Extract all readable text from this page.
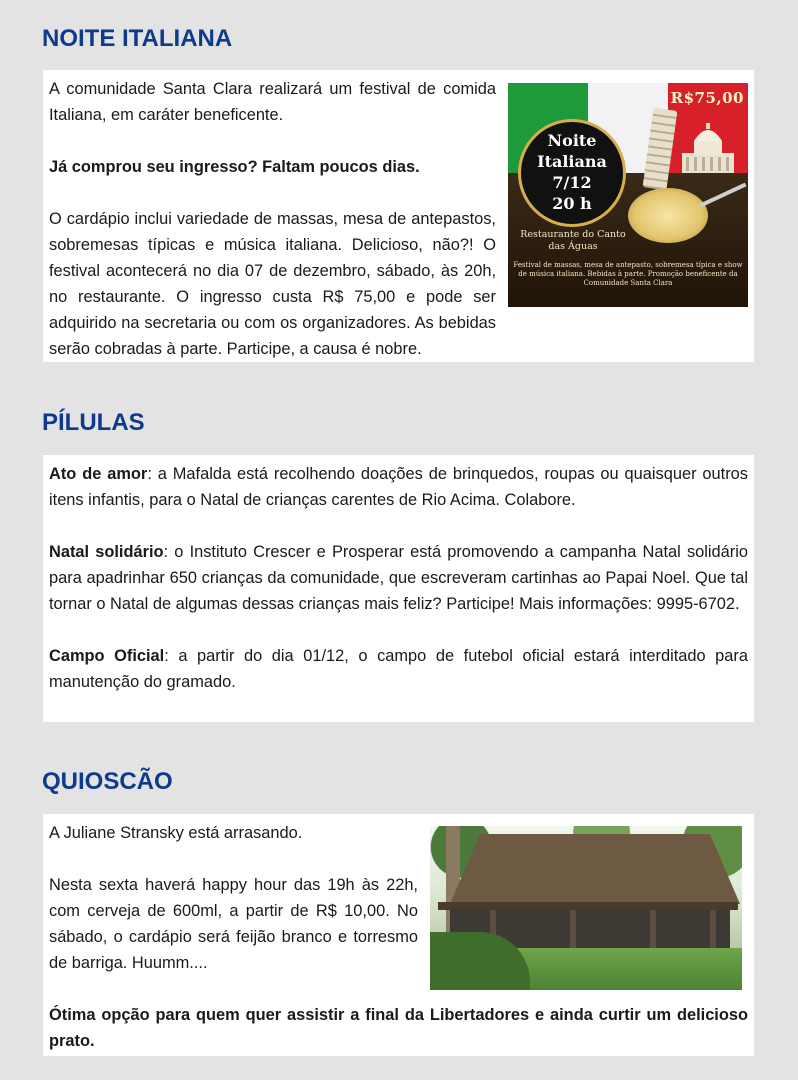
NOITE ITALIANA
R$75,00
Noite
Italiana
7/12
20 h
Restaurante do Canto das Águas
Festival de massas, mesa de antepasto, sobremesa típica e show de música italiana. Bebidas à parte. Promoção beneficente da Comunidade Santa Clara

A comunidade Santa Clara realizará um festival de comida Italiana, em caráter beneficente.

Já comprou seu ingresso? Faltam poucos dias.

O cardápio inclui variedade de massas, mesa de antepastos, sobremesas típicas e música italiana. Delicioso, não?! O festival acontecerá no dia 07 de dezembro, sábado, às 20h, no restaurante. O ingresso custa R$ 75,00 e pode ser adquirido na secretaria ou com os organizadores. As bebidas serão cobradas à parte. Participe, a causa é nobre.

PÍLULAS

Ato de amor: a Mafalda está recolhendo doações de brinquedos, roupas ou quaisquer outros itens infantis, para o Natal de crianças carentes de Rio Acima. Colabore.

Natal solidário: o Instituto Crescer e Prosperar está promovendo a campanha Natal solidário para apadrinhar 650 crianças da comunidade, que escreveram cartinhas ao Papai Noel. Que tal tornar o Natal de algumas dessas crianças mais feliz? Participe! Mais informações: 9995-6702.

Campo Oficial: a partir do dia 01/12, o campo de futebol oficial estará interditado para manutenção do gramado.

QUIOSCÃO

A Juliane Stransky está arrasando.

Nesta sexta haverá happy hour das 19h às 22h, com cerveja de 600ml, a partir de R$ 10,00. No sábado, o cardápio será feijão branco e torresmo de barriga. Huumm....

Ótima opção para quem quer assistir a final da Libertadores e ainda curtir um delicioso prato.
